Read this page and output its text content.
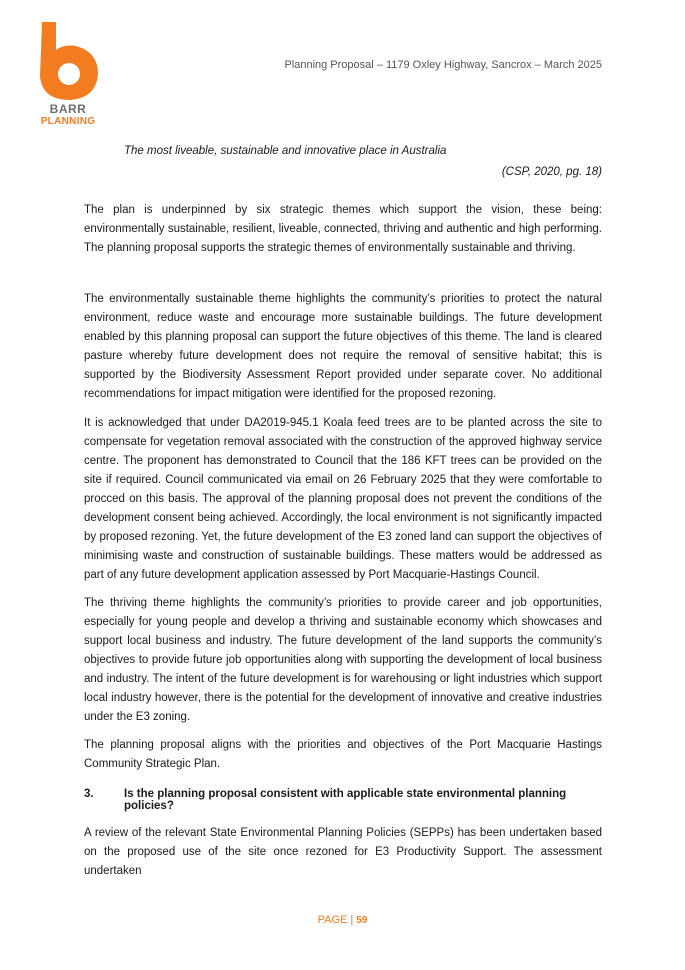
BARR
PLANNING
Planning Proposal – 1179 Oxley Highway, Sancrox – March 2025
The most liveable, sustainable and innovative place in Australia
(CSP, 2020, pg. 18)

The plan is underpinned by six strategic themes which support the vision, these being: environmentally sustainable, resilient, liveable, connected, thriving and authentic and high performing. The planning proposal supports the strategic themes of environmentally sustainable and thriving.

The environmentally sustainable theme highlights the community’s priorities to protect the natural environment, reduce waste and encourage more sustainable buildings. The future development enabled by this planning proposal can support the future objectives of this theme. The land is cleared pasture whereby future development does not require the removal of sensitive habitat; this is supported by the Biodiversity Assessment Report provided under separate cover. No additional recommendations for impact mitigation were identified for the proposed rezoning.

It is acknowledged that under DA2019-945.1 Koala feed trees are to be planted across the site to compensate for vegetation removal associated with the construction of the approved highway service centre. The proponent has demonstrated to Council that the 186 KFT trees can be provided on the site if required. Council communicated via email on 26 February 2025 that they were comfortable to procced on this basis. The approval of the planning proposal does not prevent the conditions of the development consent being achieved. Accordingly, the local environment is not significantly impacted by proposed rezoning. Yet, the future development of the E3 zoned land can support the objectives of minimising waste and construction of sustainable buildings. These matters would be addressed as part of any future development application assessed by Port Macquarie-Hastings Council.

The thriving theme highlights the community’s priorities to provide career and job opportunities, especially for young people and develop a thriving and sustainable economy which showcases and support local business and industry. The future development of the land supports the community’s objectives to provide future job opportunities along with supporting the development of local business and industry. The intent of the future development is for warehousing or light industries which support local industry however, there is the potential for the development of innovative and creative industries under the E3 zoning.

The planning proposal aligns with the priorities and objectives of the Port Macquarie Hastings Community Strategic Plan.

3.	Is the planning proposal consistent with applicable state environmental planning policies?

A review of the relevant State Environmental Planning Policies (SEPPs) has been undertaken based on the proposed use of the site once rezoned for E3 Productivity Support. The assessment undertaken

PAGE | 59
